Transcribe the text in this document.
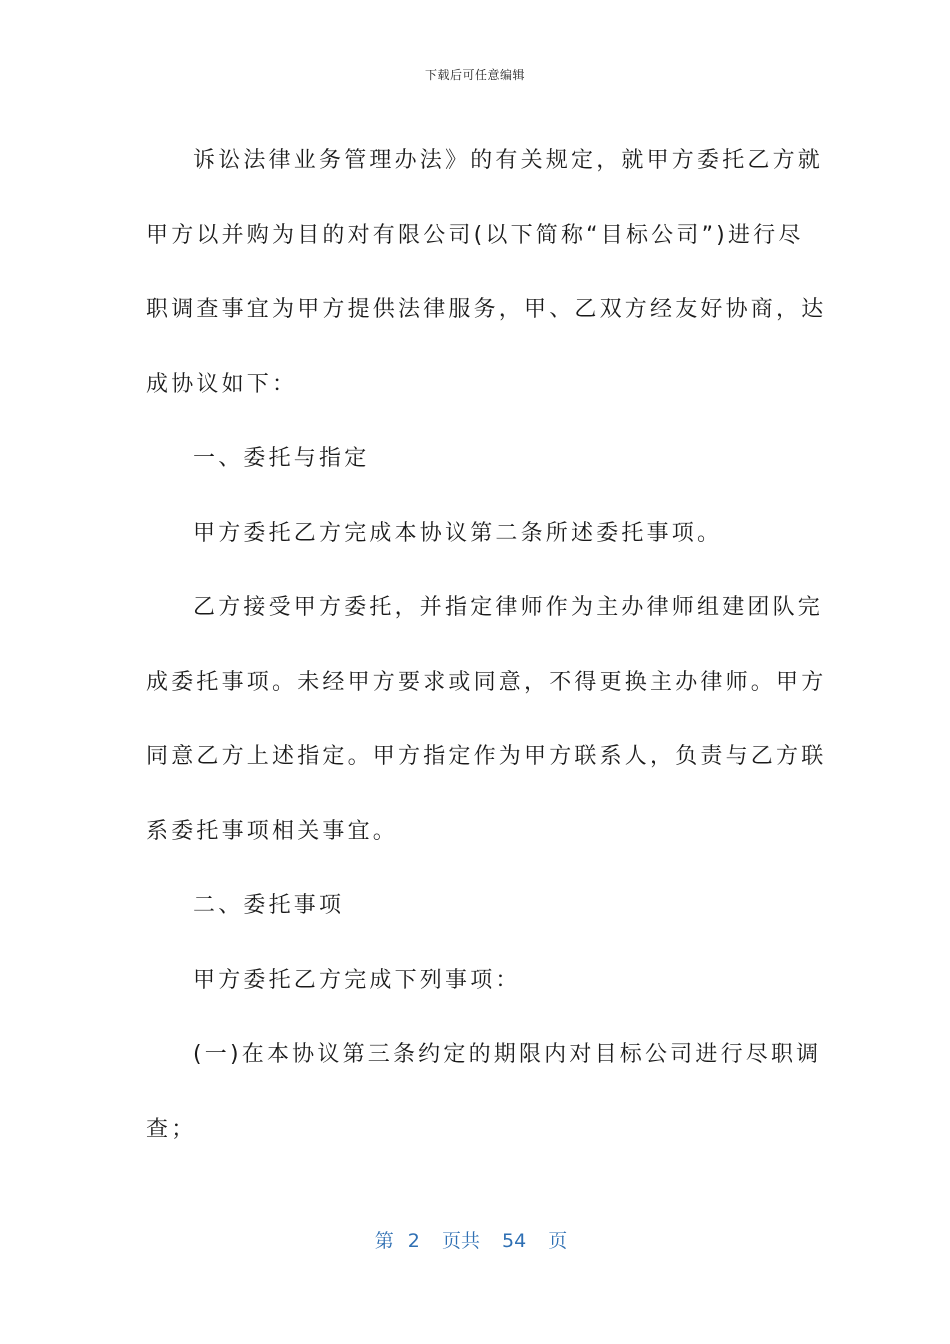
下载后可任意编辑
诉讼法律业务管理办法》的有关规定，就甲方委托乙方就
甲方以并购为目的对有限公司(以下简称“目标公司”)进行尽
职调查事宜为甲方提供法律服务，甲、乙双方经友好协商，达
成协议如下：
一、委托与指定
甲方委托乙方完成本协议第二条所述委托事项。
乙方接受甲方委托，并指定律师作为主办律师组建团队完
成委托事项。未经甲方要求或同意，不得更换主办律师。甲方
同意乙方上述指定。甲方指定作为甲方联系人，负责与乙方联
系委托事项相关事宜。
二、委托事项
甲方委托乙方完成下列事项：
(一)在本协议第三条约定的期限内对目标公司进行尽职调
查；
第 2 页共 54 页
